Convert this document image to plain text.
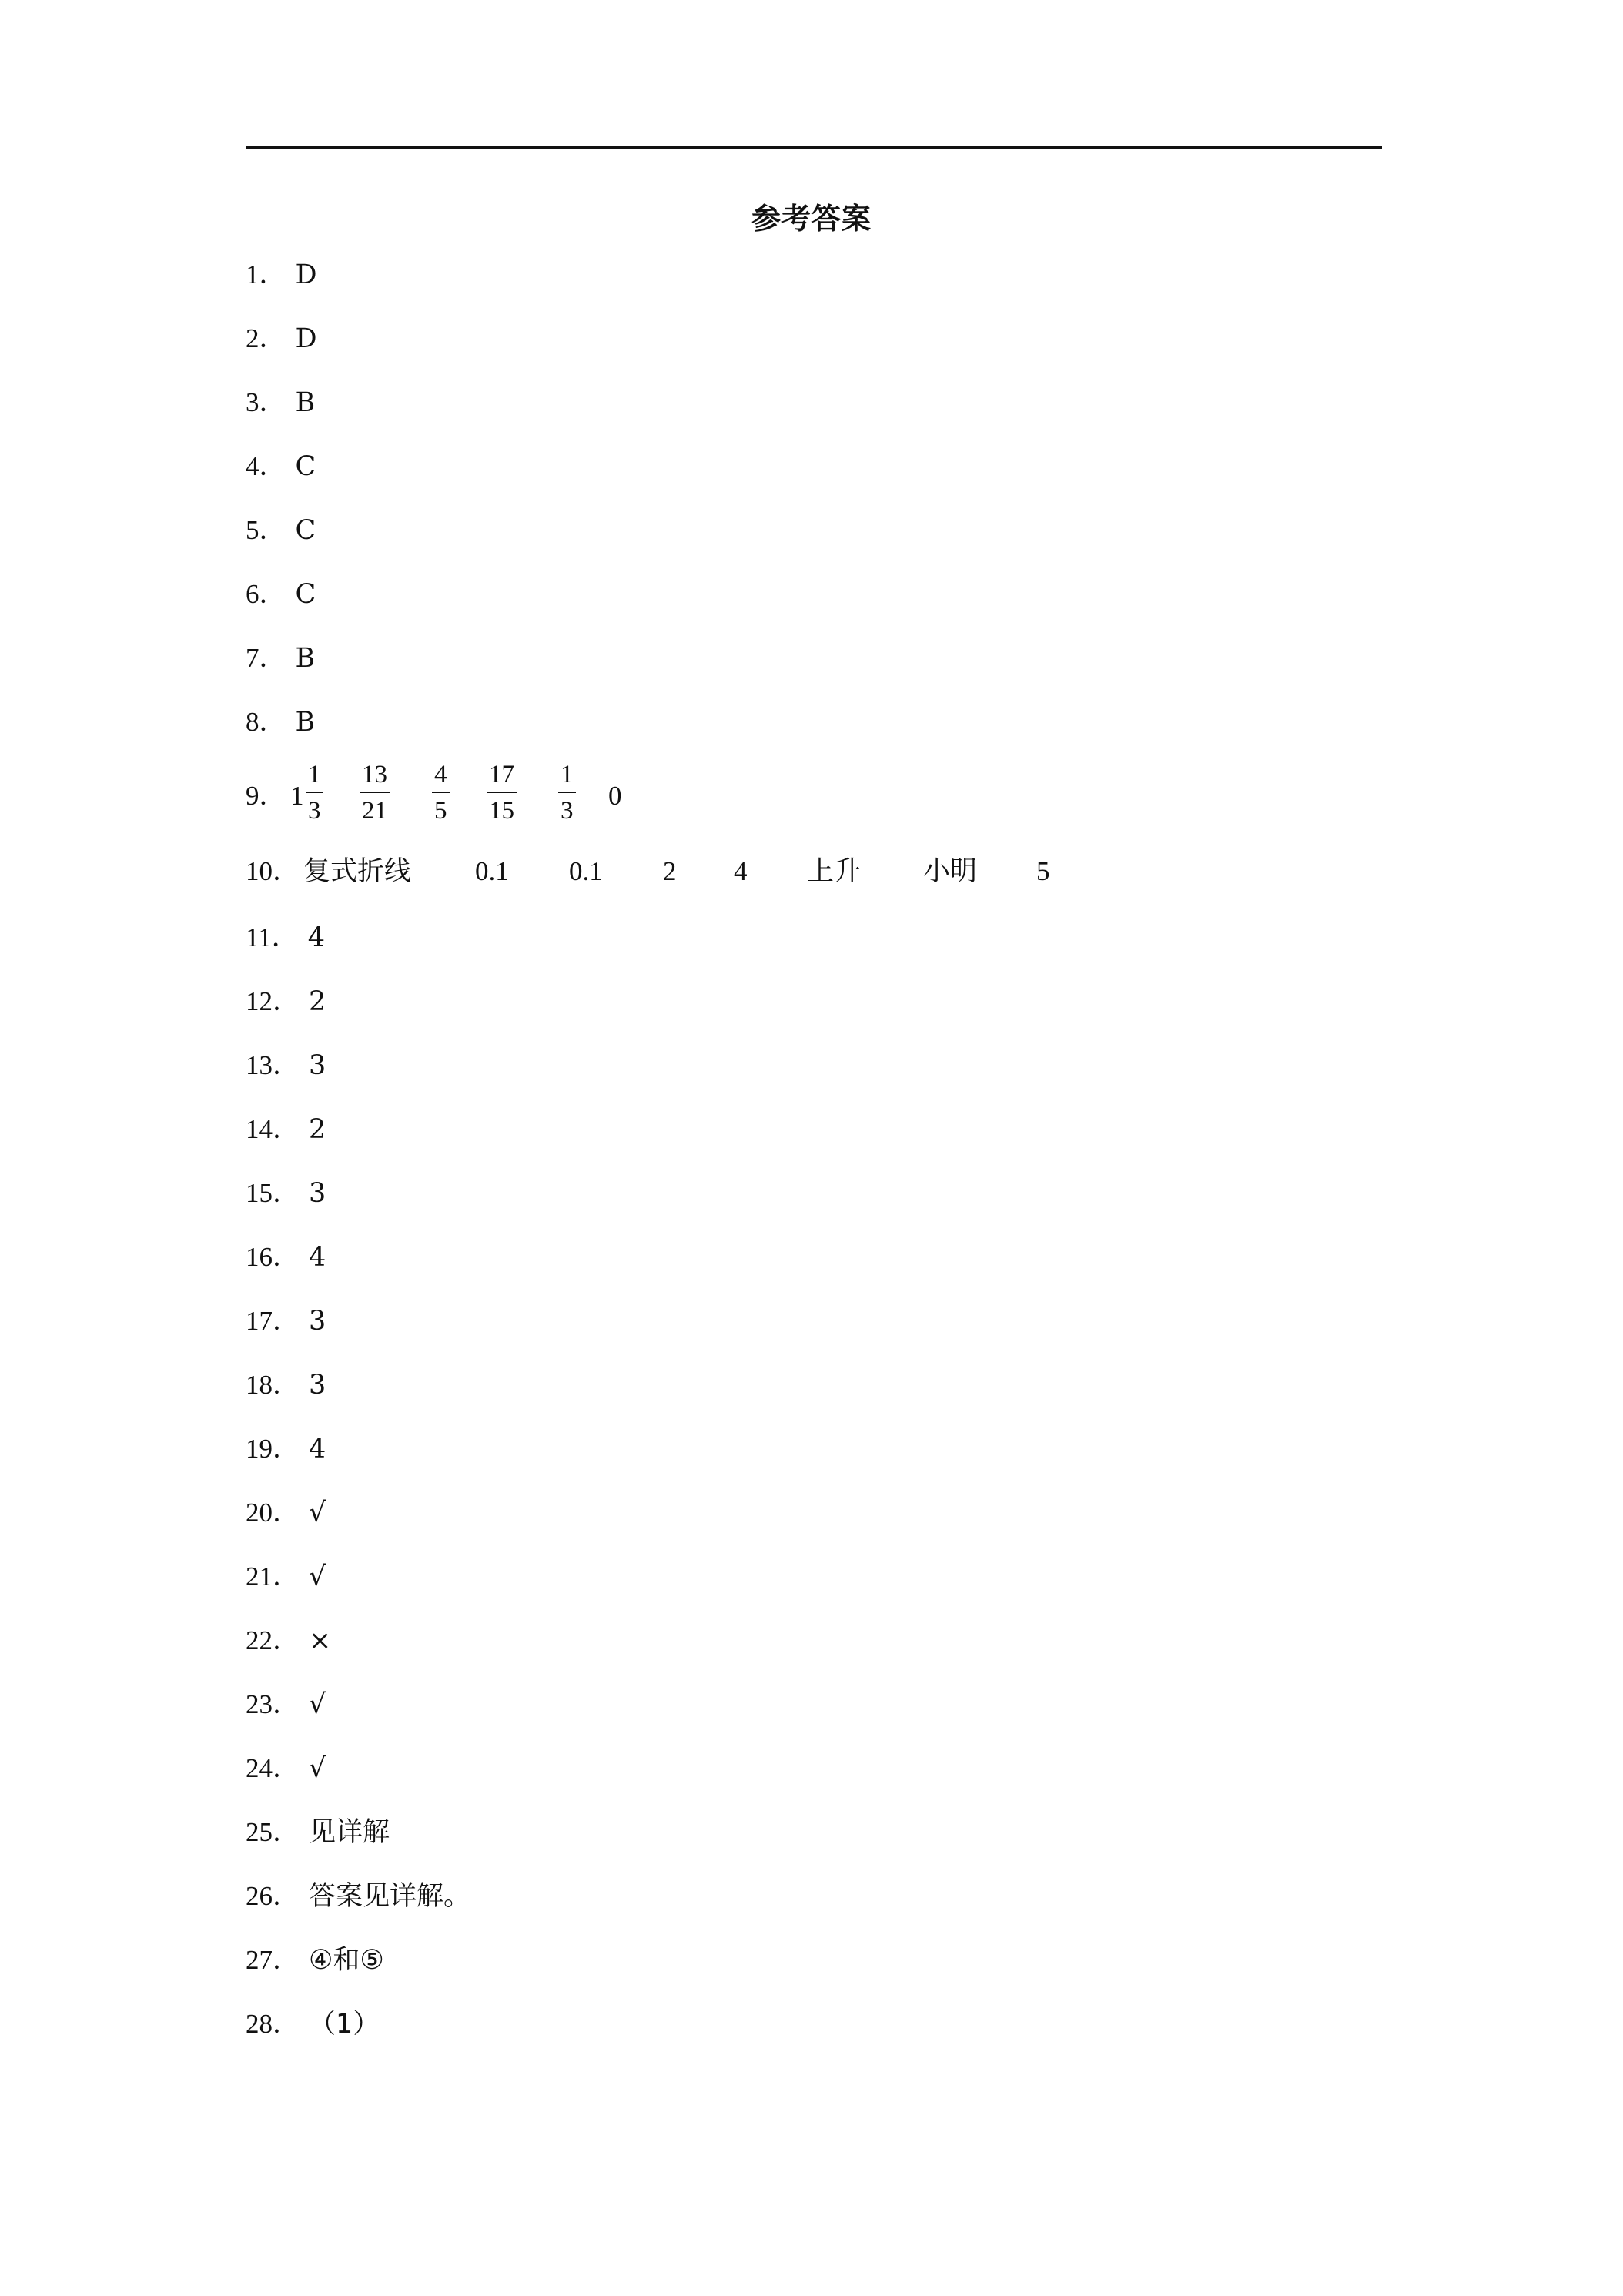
参考答案
1． D
2． D
3． B
4． C
5． C
6． C
7． B
8． B
9． 1
1
3
13
21
4
5
17
15
1
3 0
10． 复式折线 0.1 0.1 2 4 上升 小明 5
11． 4
12． 2
13． 3
14． 2
15． 3
16． 4
17． 3
18． 3
19． 4
20． √
21． √
22． ×
23． √
24． √
25． 见详解
26． 答案见详解。
27． ④和⑤
28． （1）
